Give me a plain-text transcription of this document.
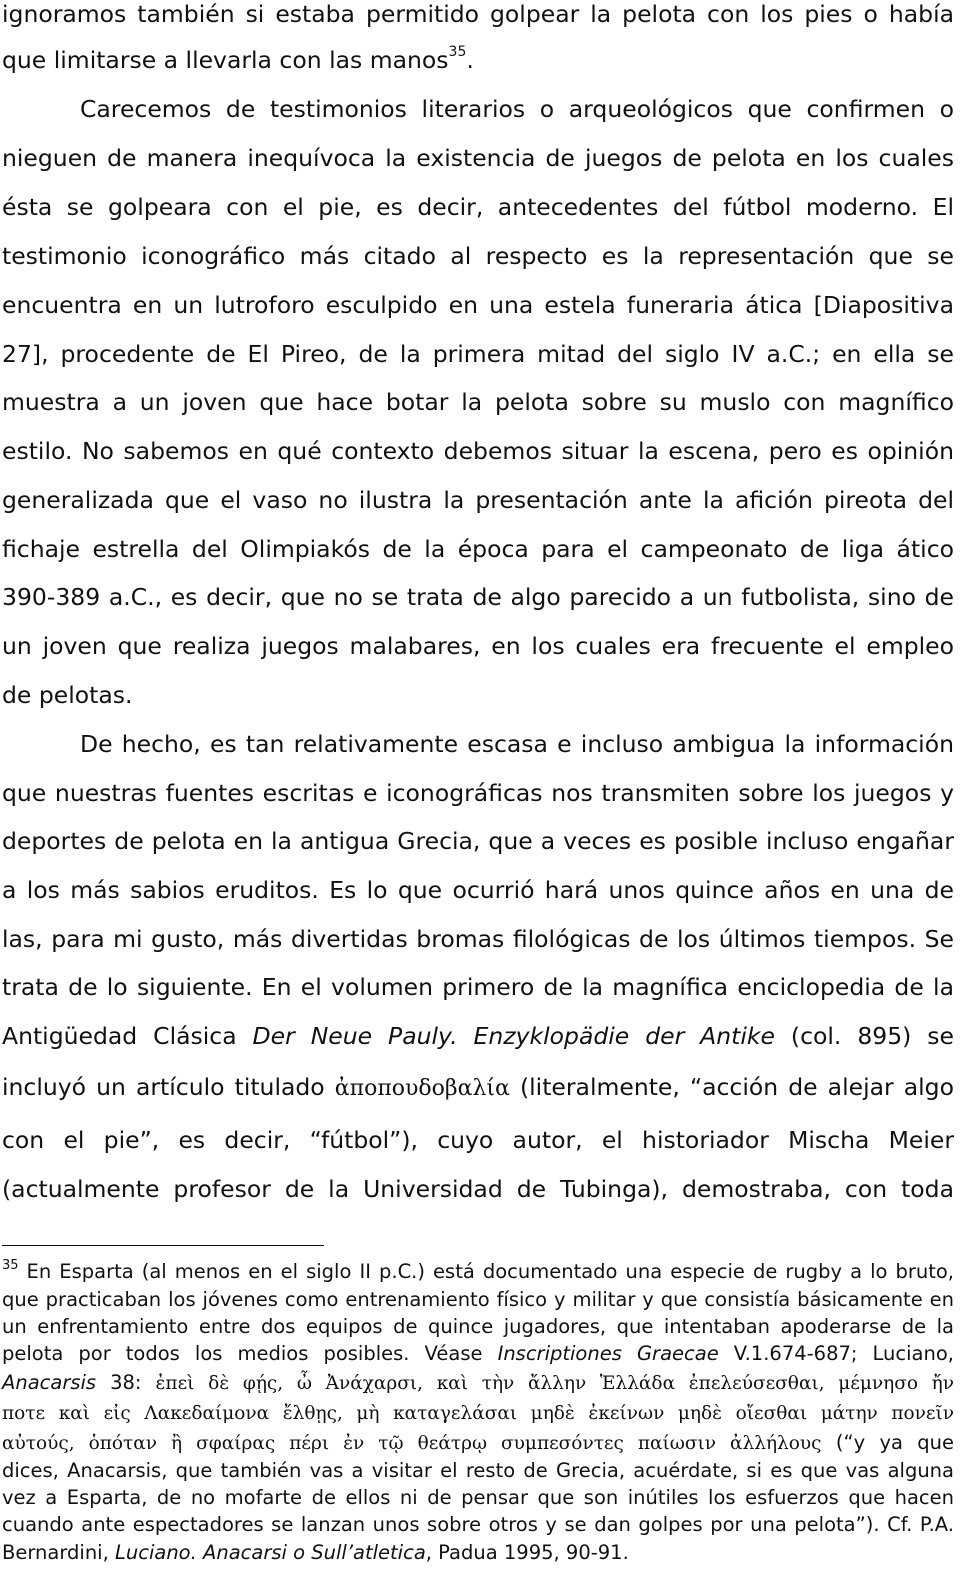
ignoramos también si estaba permitido golpear la pelota con los pies o había
que limitarse a llevarla con las manos$^{35}$.
Carecemos de testimonios literarios o arqueológicos que confirmen o
nieguen de manera inequívoca la existencia de juegos de pelota en los cuales
ésta se golpeara con el pie, es decir, antecedentes del fútbol moderno. El
testimonio iconográfico más citado al respecto es la representación que se
encuentra en un lutroforo esculpido en una estela funeraria ática [Diapositiva
27], procedente de El Pireo, de la primera mitad del siglo IV a.C.; en ella se
muestra a un joven que hace botar la pelota sobre su muslo con magnífico
estilo. No sabemos en qué contexto debemos situar la escena, pero es opinión
generalizada que el vaso no ilustra la presentación ante la afición pireota del
fichaje estrella del Olimpiakós de la época para el campeonato de liga ático
390-389 a.C., es decir, que no se trata de algo parecido a un futbolista, sino de
un joven que realiza juegos malabares, en los cuales era frecuente el empleo
de pelotas.
De hecho, es tan relativamente escasa e incluso ambigua la información
que nuestras fuentes escritas e iconográficas nos transmiten sobre los juegos y
deportes de pelota en la antigua Grecia, que a veces es posible incluso engañar
a los más sabios eruditos. Es lo que ocurrió hará unos quince años en una de
las, para mi gusto, más divertidas bromas filológicas de los últimos tiempos. Se
trata de lo siguiente. En el volumen primero de la magnífica enciclopedia de la
Antigüedad Clásica Der Neue Pauly. Enzyklopädie der Antike (col. 895) se
incluyó un artículo titulado ἀποπουδοβαλία (literalmente, “acción de alejar algo
con el pie”, es decir, “fútbol”), cuyo autor, el historiador Mischa Meier
(actualmente profesor de la Universidad de Tubinga), demostraba, con toda
$^{35}$ En Esparta (al menos en el siglo II p.C.) está documentado una especie de rugby a lo bruto,
que practicaban los jóvenes como entrenamiento físico y militar y que consistía básicamente en
un enfrentamiento entre dos equipos de quince jugadores, que intentaban apoderarse de la
pelota por todos los medios posibles. Véase Inscriptiones Graecae V.1.674-687; Luciano,
Anacarsis 38: ἐπεὶ δὲ φῄς, ὦ Ἀνάχαρσι, καὶ τὴν ἄλλην Ἑλλάδα ἐπελεύσεσθαι, μέμνησο ἤν
ποτε καὶ εἰς Λακεδαίμονα ἔλθῃς, μὴ καταγελάσαι μηδὲ ἐκείνων μηδὲ οἴεσθαι μάτην πονεῖν
αὐτούς, ὁπόταν ἢ σφαίρας πέρι ἐν τῷ θεάτρῳ συμπεσόντες παίωσιν ἀλλήλους (“y ya que
dices, Anacarsis, que también vas a visitar el resto de Grecia, acuérdate, si es que vas alguna
vez a Esparta, de no mofarte de ellos ni de pensar que son inútiles los esfuerzos que hacen
cuando ante espectadores se lanzan unos sobre otros y se dan golpes por una pelota”). Cf. P.A.
Bernardini, Luciano. Anacarsi o Sull’atletica, Padua 1995, 90-91.
